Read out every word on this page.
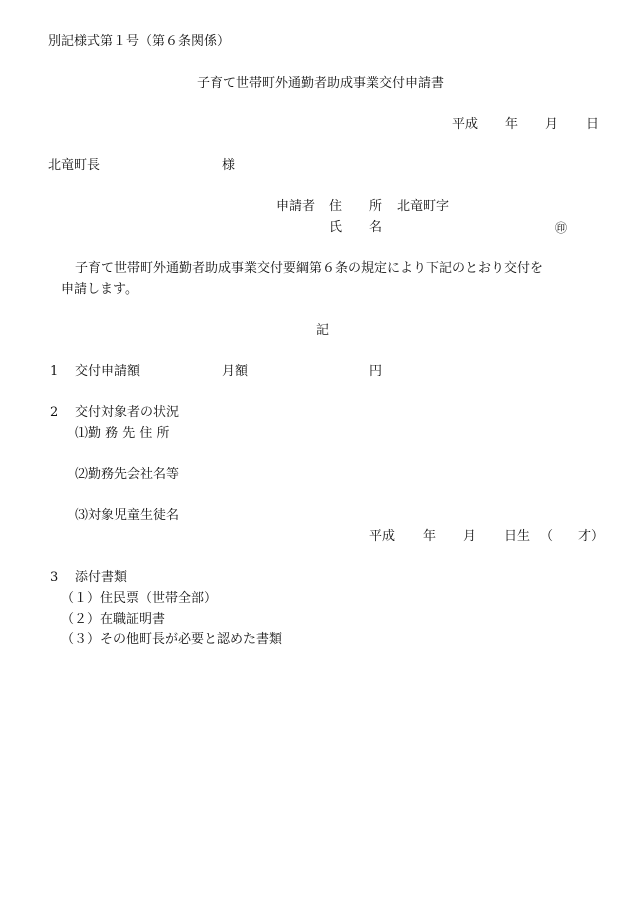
別記様式第１号（第６条関係）
子育て世帯町外通勤者助成事業交付申請書
平成 年 月 日
北竜町長	様
申請者 住 所 北竜町字
氏 名	㊞
子育て世帯町外通勤者助成事業交付要綱第６条の規定により下記のとおり交付を
申請します。
記
1 交付申請額	月額	円
2 交付対象者の状況
⑴勤 務 先 住 所
⑵勤務先会社名等
⑶対象児童生徒名
平成 年 月 日生 （ 才）
3 添付書類
（１）住民票（世帯全部）
（２）在職証明書
（３）その他町長が必要と認めた書類
